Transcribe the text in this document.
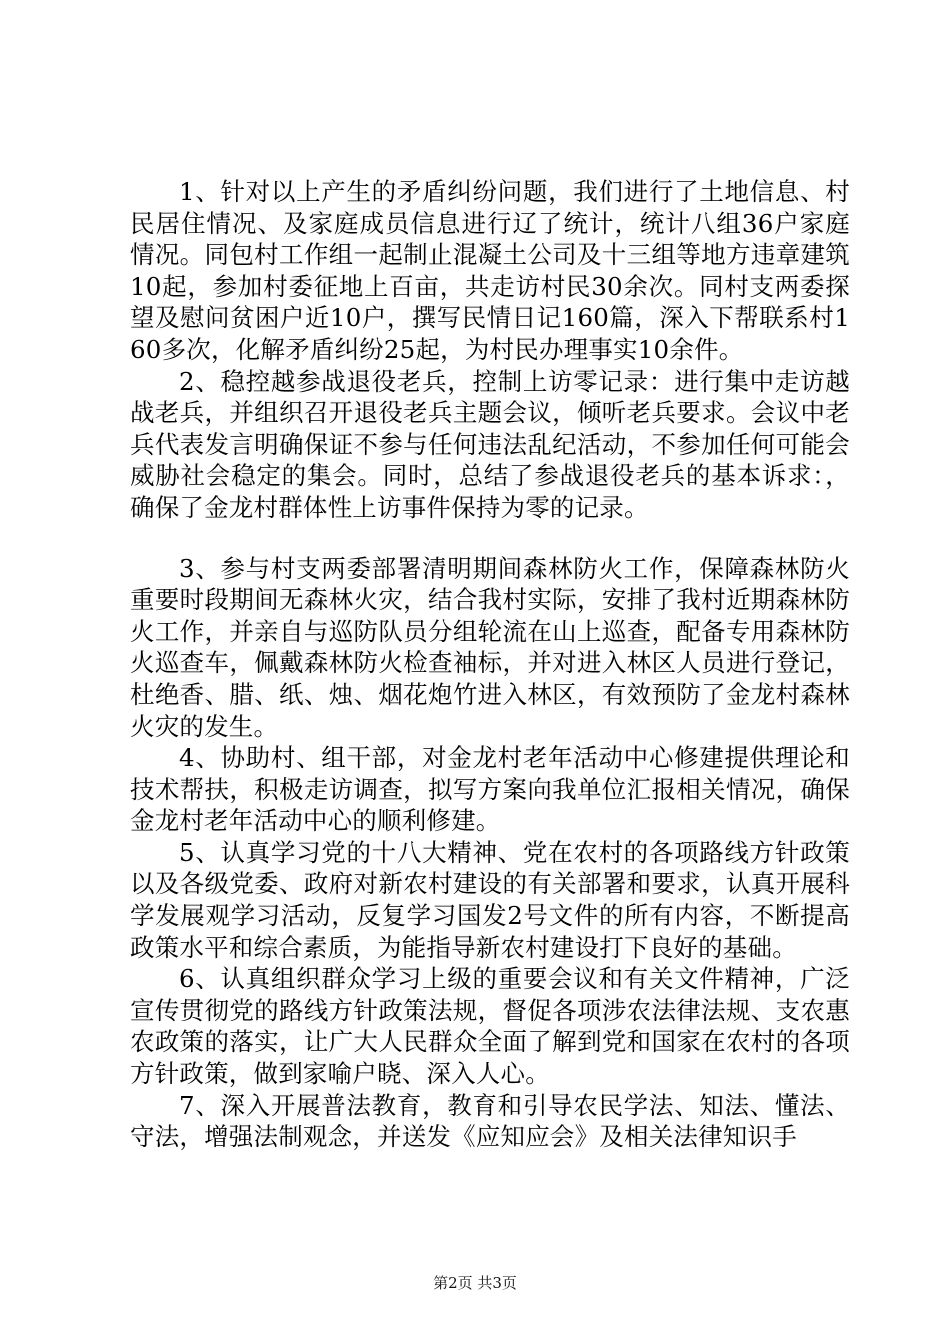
1、针对以上产生的矛盾纠纷问题，我们进行了土地信息、村民居住情况、及家庭成员信息进行辽了统计，统计八组36户家庭情况。同包村工作组一起制止混凝土公司及十三组等地方违章建筑10起，参加村委征地上百亩，共走访村民30余次。同村支两委探望及慰问贫困户近10户，撰写民情日记160篇，深入下帮联系村160多次，化解矛盾纠纷25起，为村民办理事实10余件。

2、稳控越参战退役老兵，控制上访零记录：进行集中走访越战老兵，并组织召开退役老兵主题会议，倾听老兵要求。会议中老兵代表发言明确保证不参与任何违法乱纪活动，不参加任何可能会威胁社会稳定的集会。同时，总结了参战退役老兵的基本诉求：，确保了金龙村群体性上访事件保持为零的记录。

3、参与村支两委部署清明期间森林防火工作，保障森林防火重要时段期间无森林火灾，结合我村实际，安排了我村近期森林防火工作，并亲自与巡防队员分组轮流在山上巡查，配备专用森林防火巡查车，佩戴森林防火检查袖标，并对进入林区人员进行登记，杜绝香、腊、纸、烛、烟花炮竹进入林区，有效预防了金龙村森林火灾的发生。

4、协助村、组干部，对金龙村老年活动中心修建提供理论和技术帮扶，积极走访调查，拟写方案向我单位汇报相关情况，确保金龙村老年活动中心的顺利修建。

5、认真学习党的十八大精神、党在农村的各项路线方针政策以及各级党委、政府对新农村建设的有关部署和要求，认真开展科学发展观学习活动，反复学习国发2号文件的所有内容，不断提高政策水平和综合素质，为能指导新农村建设打下良好的基础。

6、认真组织群众学习上级的重要会议和有关文件精神，广泛宣传贯彻党的路线方针政策法规，督促各项涉农法律法规、支农惠农政策的落实，让广大人民群众全面了解到党和国家在农村的各项方针政策，做到家喻户晓、深入人心。

7、深入开展普法教育，教育和引导农民学法、知法、懂法、守法，增强法制观念，并送发《应知应会》及相关法律知识手

第2页 共3页
